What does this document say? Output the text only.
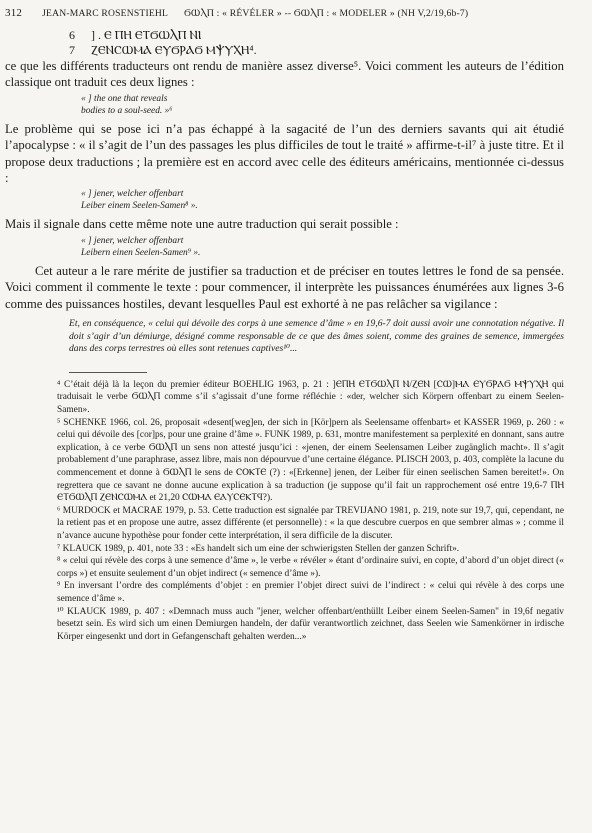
312 JEAN-MARC ROSENSTIEHL ϬⲰⲖⲠ : « RÉVÉLER » -- ϬⲰⲖⲠ : « MODELER » (NH V,2/19,6b-7)
6	] . Ⲉ ⲠⲎ ⲈⲦϬⲰⲖⲠ ⲚⲒ
7	ⲌⲈⲚⲤⲰⲘⲀ ⲈⲨϬⲢⲀϬ ⲘⲮⲨⲬⲎ⁴.

ce que les différents traducteurs ont rendu de manière assez diverse⁵. Voici comment les auteurs de l’édition classique ont traduit ces deux lignes :

« ] the one that reveals
bodies to a soul-seed. »⁶

Le problème qui se pose ici n’a pas échappé à la sagacité de l’un des derniers savants qui ait étudié l’apocalypse : « il s’agit de l’un des passages les plus difficiles de tout le traité » affirme-t-il⁷ à juste titre. Et il propose deux traductions ; la première est en accord avec celle des éditeurs américains, mentionnée ci-dessus :

« ] jener, welcher offenbart
Leiber einem Seelen-Samen⁸ ».

Mais il signale dans cette même note une autre traduction qui serait possible :

« ] jener, welcher offenbart
Leibern einen Seelen-Samen⁹ ».

Cet auteur a le rare mérite de justifier sa traduction et de préciser en toutes lettres le fond de sa pensée. Voici comment il commente le texte : pour commencer, il interprète les puissances énumérées aux lignes 3-6 comme des puissances hostiles, devant lesquelles Paul est exhorté à ne pas relâcher sa vigilance :

Et, en conséquence, « celui qui dévoile des corps à une semence d’âme » en 19,6-7 doit aussi avoir une connotation négative. Il doit s’agir d’un démiurge, désigné comme responsable de ce que des âmes soient, comme des graines de semence, immergées dans des corps terrestres où elles sont retenues captives¹⁰...

⁴ C’était déjà là la leçon du premier éditeur BOEHLIG 1963, p. 21 : ]ⲈⲠⲎ ⲈⲦϬⲰⲖⲠ Ⲛ/ⲌⲈⲚ [ⲤⲰ]ⲘⲀ ⲈⲨϬⲢⲀϬ ⲘⲮⲨⲬⲎ qui traduisait le verbe ϬⲰⲖⲠ comme s’il s’agissait d’une forme réfléchie : «der, welcher sich Körpern offenbart zu einem Seelen-Samen».

⁵ SCHENKE 1966, col. 26, proposait «desent[weg]en, der sich in [Kör]pern als Seelensame offenbart» et KASSER 1969, p. 260 : « celui qui dévoile des [cor]ps, pour une graine d’âme ». FUNK 1989, p. 631, montre manifestement sa perplexité en donnant, sans autre explication, à ce verbe ϬⲰⲖⲠ un sens non attesté jusqu’ici : «jenen, der einem Seelensamen Leiber zugänglich macht». Il s’agit probablement d’une paraphrase, assez libre, mais non dépourvue d’une certaine élégance. PLISCH 2003, p. 403, complète la lacune du commencement et donne à ϬⲰⲖⲠ le sens de ⲤⲞⲔⲦⲈ (?) : «[Erkenne] jenen, der Leiber für einen seelischen Samen bereitet!». On regrettera que ce savant ne donne aucune explication à sa traduction (je suppose qu’il fait un rapprochement osé entre 19,6-7 ⲠⲎ ⲈⲦϬⲰⲖⲠ ⲌⲈⲚⲤⲰⲘⲀ et 21,20 ⲤⲰⲘⲀ ⲈⲀⲨⲤⲈⲔⲦϤ?).

⁶ MURDOCK et MACRAE 1979, p. 53. Cette traduction est signalée par TREVIJANO 1981, p. 219, note sur 19,7, qui, cependant, ne la retient pas et en propose une autre, assez différente (et personnelle) : « la que descubre cuerpos en que sembrer almas » ; comme il n’avance aucune hypothèse pour fonder cette interprétation, il sera difficile de la discuter.

⁷ KLAUCK 1989, p. 401, note 33 : «Es handelt sich um eine der schwierigsten Stellen der ganzen Schrift».

⁸ « celui qui révèle des corps à une semence d’âme », le verbe « révéler » étant d’ordinaire suivi, en copte, d’abord d’un objet direct (« corps ») et ensuite seulement d’un objet indirect (« semence d’âme »).

⁹ En inversant l’ordre des compléments d’objet : en premier l’objet direct suivi de l’indirect : « celui qui révèle à des corps une semence d’âme ».

¹⁰ KLAUCK 1989, p. 407 : «Demnach muss auch "jener, welcher offenbart/enthüllt Leiber einem Seelen-Samen" in 19,6f negativ besetzt sein. Es wird sich um einen Demiurgen handeln, der dafür verantwortlich zeichnet, dass Seelen wie Samenkörner in irdische Körper eingesenkt und dort in Gefangenschaft gehalten werden...»
